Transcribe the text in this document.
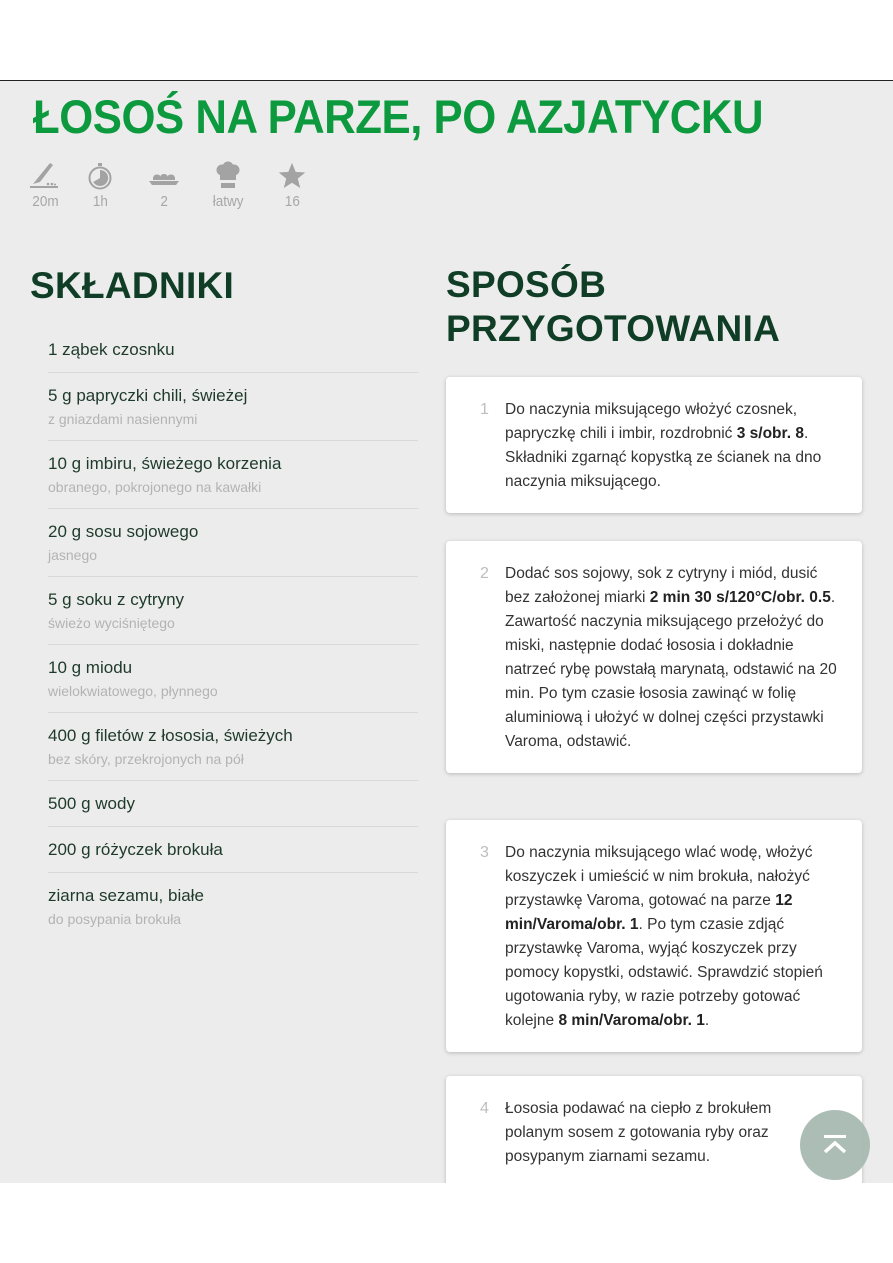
ŁOSOŚ NA PARZE, PO AZJATYCKU
20m 1h	2	łatwy	16
SKŁADNIKI
1 ząbek czosnku
5 g papryczki chili, świeżej
z gniazdami nasiennymi
10 g imbiru, świeżego korzenia
obranego, pokrojonego na kawałki
20 g sosu sojowego
jasnego
5 g soku z cytryny
świeżo wyciśniętego
10 g miodu
wielokwiatowego, płynnego
400 g filetów z łososia, świeżych
bez skóry, przekrojonych na pół
500 g wody
200 g różyczek brokuła
ziarna sezamu, białe
do posypania brokuła
SPOSÓB
PRZYGOTOWANIA
1	Do naczynia miksującego włożyć czosnek, papryczkę chili i imbir, rozdrobnić 3 s/obr. 8. Składniki zgarnąć kopystką ze ścianek na dno naczynia miksującego.

2	Dodać sos sojowy, sok z cytryny i miód, dusić bez założonej miarki 2 min 30 s/120°C/obr. 0.5. Zawartość naczynia miksującego przełożyć do miski, następnie dodać łososia i dokładnie natrzeć rybę powstałą marynatą, odstawić na 20 min. Po tym czasie łososia zawinąć w folię aluminiową i ułożyć w dolnej części przystawki Varoma, odstawić.

3	Do naczynia miksującego wlać wodę, włożyć koszyczek i umieścić w nim brokuła, nałożyć przystawkę Varoma, gotować na parze 12 min/Varoma/obr. 1. Po tym czasie zdjąć przystawkę Varoma, wyjąć koszyczek przy pomocy kopystki, odstawić. Sprawdzić stopień ugotowania ryby, w razie potrzeby gotować kolejne 8 min/Varoma/obr. 1.

4	Łososia podawać na ciepło z brokułem polanym sosem z gotowania ryby oraz posypanym ziarnami sezamu.
